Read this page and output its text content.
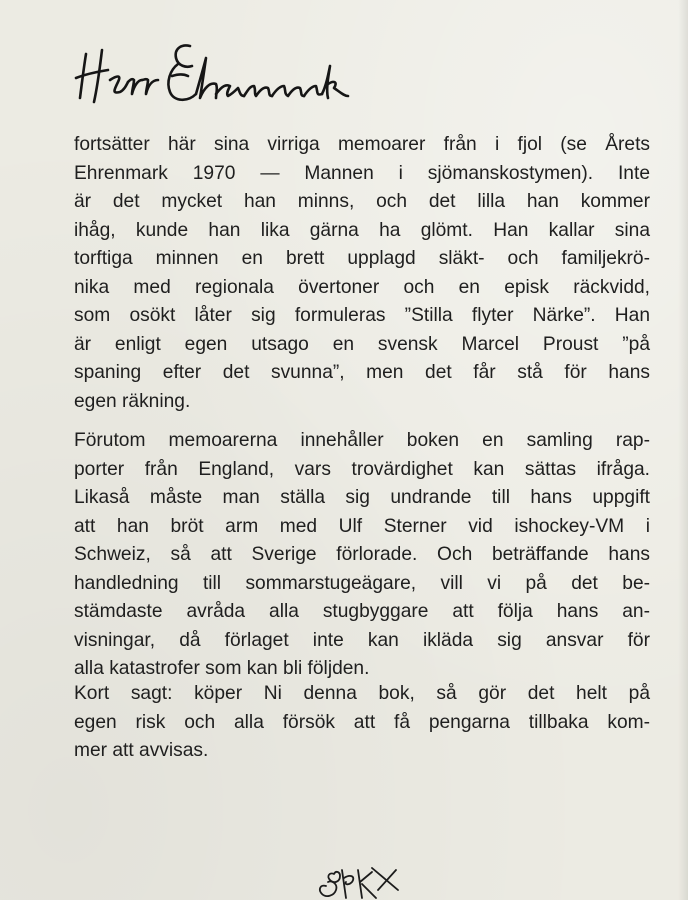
fortsätter här sina virriga memoarer från i fjol (se Årets
Ehrenmark 1970 — Mannen i sjömanskostymen). Inte
är det mycket han minns, och det lilla han kommer
ihåg, kunde han lika gärna ha glömt. Han kallar sina
torftiga minnen en brett upplagd släkt- och familjekrö-
nika med regionala övertoner och en episk räckvidd,
som osökt låter sig formuleras ”Stilla flyter Närke”. Han
är enligt egen utsago en svensk Marcel Proust ”på
spaning efter det svunna”, men det får stå för hans
egen räkning.
Förutom memoarerna innehåller boken en samling rap-
porter från England, vars trovärdighet kan sättas ifråga.
Likaså måste man ställa sig undrande till hans uppgift
att han bröt arm med Ulf Sterner vid ishockey-VM i
Schweiz, så att Sverige förlorade. Och beträffande hans
handledning till sommarstugeägare, vill vi på det be-
stämdaste avråda alla stugbyggare att följa hans an-
visningar, då förlaget inte kan ikläda sig ansvar för
alla katastrofer som kan bli följden.
Kort sagt: köper Ni denna bok, så gör det helt på
egen risk och alla försök att få pengarna tillbaka kom-
mer att avvisas.
